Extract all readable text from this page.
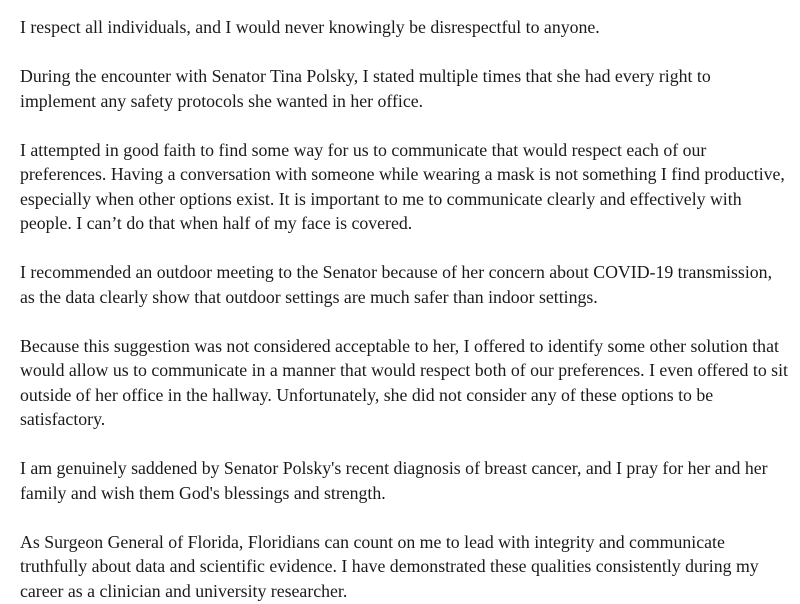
I respect all individuals, and I would never knowingly be disrespectful to anyone.

During the encounter with Senator Tina Polsky, I stated multiple times that she had every right to implement any safety protocols she wanted in her office.

I attempted in good faith to find some way for us to communicate that would respect each of our preferences. Having a conversation with someone while wearing a mask is not something I find productive, especially when other options exist. It is important to me to communicate clearly and effectively with people. I can’t do that when half of my face is covered.

I recommended an outdoor meeting to the Senator because of her concern about COVID-19 transmission, as the data clearly show that outdoor settings are much safer than indoor settings.

Because this suggestion was not considered acceptable to her, I offered to identify some other solution that would allow us to communicate in a manner that would respect both of our preferences. I even offered to sit outside of her office in the hallway. Unfortunately, she did not consider any of these options to be satisfactory.

I am genuinely saddened by Senator Polsky's recent diagnosis of breast cancer, and I pray for her and her family and wish them God's blessings and strength.

As Surgeon General of Florida, Floridians can count on me to lead with integrity and communicate truthfully about data and scientific evidence. I have demonstrated these qualities consistently during my career as a clinician and university researcher.
